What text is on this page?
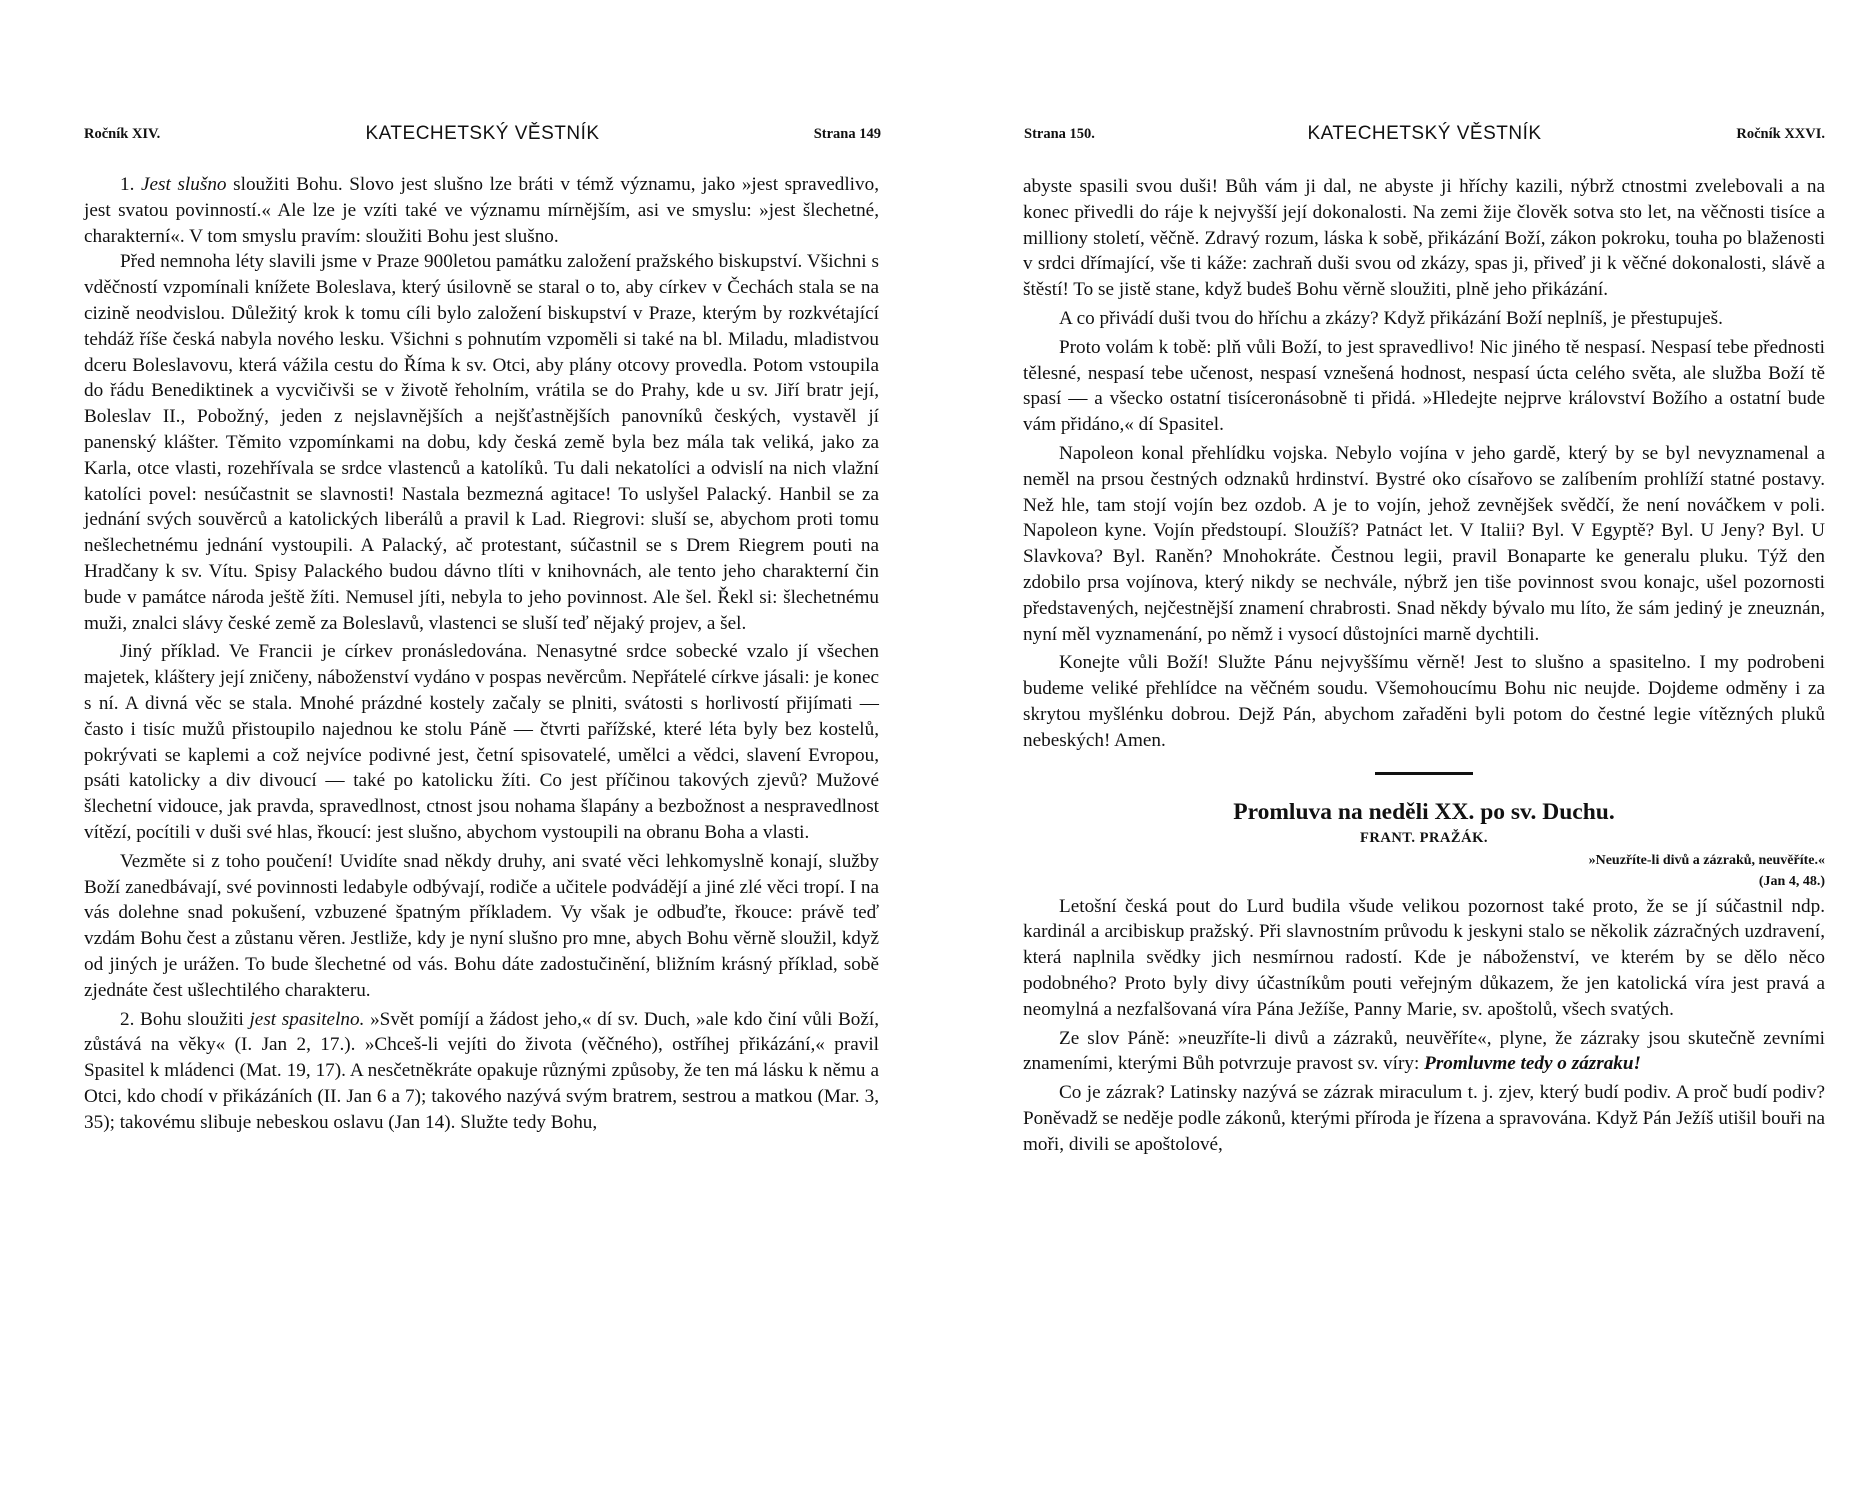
Ročník XIV.	KATECHETSKÝ VĚSTNÍK	Strana 149

1. Jest slušno sloužiti Bohu. Slovo jest slušno lze bráti v témž významu, jako »jest spravedlivo, jest svatou povinností.« Ale lze je vzíti také ve významu mírnějším, asi ve smyslu: »jest šlechetné, charakterní«. V tom smyslu pravím: sloužiti Bohu jest slušno.

Před nemnoha léty slavili jsme v Praze 900letou památku založení pražského biskupství. Všichni s vděčností vzpomínali knížete Boleslava, který úsilovně se staral o to, aby církev v Čechách stala se na cizině neodvislou. Důležitý krok k tomu cíli bylo založení biskupství v Praze, kterým by rozkvétající tehdáž říše česká nabyla nového lesku. Všichni s pohnutím vzpoměli si také na bl. Miladu, mladistvou dceru Boleslavovu, která vážila cestu do Říma k sv. Otci, aby plány otcovy provedla. Potom vstoupila do řádu Benediktinek a vycvičivši se v životě řeholním, vrátila se do Prahy, kde u sv. Jiří bratr její, Boleslav II., Pobožný, jeden z nejslavnějších a nejšťastnějších panovníků českých, vystavěl jí panenský klášter. Těmito vzpomínkami na dobu, kdy česká země byla bez mála tak veliká, jako za Karla, otce vlasti, rozehřívala se srdce vlastenců a katolíků. Tu dali nekatolíci a odvislí na nich vlažní katolíci povel: nesúčastnit se slavnosti! Nastala bezmezná agitace! To uslyšel Palacký. Hanbil se za jednání svých souvěrců a katolických liberálů a pravil k Lad. Riegrovi: sluší se, abychom proti tomu nešlechetnému jednání vystoupili. A Palacký, ač protestant, súčastnil se s Drem Riegrem pouti na Hradčany k sv. Vítu. Spisy Palackého budou dávno tlíti v knihovnách, ale tento jeho charakterní čin bude v památce národa ještě žíti. Nemusel jíti, nebyla to jeho povinnost. Ale šel. Řekl si: šlechetnému muži, znalci slávy české země za Boleslavů, vlastenci se sluší teď nějaký projev, a šel.

Jiný příklad. Ve Francii je církev pronásledována. Nenasytné srdce sobecké vzalo jí všechen majetek, kláštery její zničeny, náboženství vydáno v pospas nevěrcům. Nepřátelé církve jásali: je konec s ní. A divná věc se stala. Mnohé prázdné kostely začaly se plniti, svátosti s horlivostí přijímati — často i tisíc mužů přistoupilo najednou ke stolu Páně — čtvrti pařížské, které léta byly bez kostelů, pokrývati se kaplemi a což nejvíce podivné jest, četní spisovatelé, umělci a vědci, slavení Evropou, psáti katolicky a div divoucí — také po katolicku žíti. Co jest příčinou takových zjevů? Mužové šlechetní vidouce, jak pravda, spravedlnost, ctnost jsou nohama šlapány a bezbožnost a nespravedlnost vítězí, pocítili v duši své hlas, řkoucí: jest slušno, abychom vystoupili na obranu Boha a vlasti.

Vezměte si z toho poučení! Uvidíte snad někdy druhy, ani svaté věci lehkomyslně konají, služby Boží zanedbávají, své povinnosti ledabyle odbývají, rodiče a učitele podvádějí a jiné zlé věci tropí. I na vás dolehne snad pokušení, vzbuzené špatným příkladem. Vy však je odbuďte, řkouce: právě teď vzdám Bohu čest a zůstanu věren. Jestliže, kdy je nyní slušno pro mne, abych Bohu věrně sloužil, když od jiných je urážen. To bude šlechetné od vás. Bohu dáte zadostučinění, bližním krásný příklad, sobě zjednáte čest ušlechtilého charakteru.

2. Bohu sloužiti jest spasitelno. »Svět pomíjí a žádost jeho,« dí sv. Duch, »ale kdo činí vůli Boží, zůstává na věky« (I. Jan 2, 17.). »Chceš-li vejíti do života (věčného), ostříhej přikázání,« pravil Spasitel k mládenci (Mat. 19, 17). A nesčetněkráte opakuje různými způsoby, že ten má lásku k němu a Otci, kdo chodí v přikázáních (II. Jan 6 a 7); takového nazývá svým bratrem, sestrou a matkou (Mar. 3, 35); takovému slibuje nebeskou oslavu (Jan 14). Služte tedy Bohu,

Strana 150.	KATECHETSKÝ VĚSTNÍK	Ročník XXVI.

abyste spasili svou duši! Bůh vám ji dal, ne abyste ji hříchy kazili, nýbrž ctnostmi zvelebovali a na konec přivedli do ráje k nejvyšší její dokonalosti. Na zemi žije člověk sotva sto let, na věčnosti tisíce a milliony století, věčně. Zdravý rozum, láska k sobě, přikázání Boží, zákon pokroku, touha po blaženosti v srdci dřímající, vše ti káže: zachraň duši svou od zkázy, spas ji, přiveď ji k věčné dokonalosti, slávě a štěstí! To se jistě stane, když budeš Bohu věrně sloužiti, plně jeho přikázání.

A co přivádí duši tvou do hříchu a zkázy? Když přikázání Boží neplníš, je přestupuješ.

Proto volám k tobě: plň vůli Boží, to jest spravedlivo! Nic jiného tě nespasí. Nespasí tebe přednosti tělesné, nespasí tebe učenost, nespasí vznešená hodnost, nespasí úcta celého světa, ale služba Boží tě spasí — a všecko ostatní tisíceronásobně ti přidá. »Hledejte nejprve království Božího a ostatní bude vám přidáno,« dí Spasitel.

Napoleon konal přehlídku vojska. Nebylo vojína v jeho gardě, který by se byl nevyznamenal a neměl na prsou čestných odznaků hrdinství. Bystré oko císařovo se zalíbením prohlíží statné postavy. Než hle, tam stojí vojín bez ozdob. A je to vojín, jehož zevnějšek svědčí, že není nováčkem v poli. Napoleon kyne. Vojín předstoupí. Sloužíš? Patnáct let. V Italii? Byl. V Egyptě? Byl. U Jeny? Byl. U Slavkova? Byl. Raněn? Mnohokráte. Čestnou legii, pravil Bonaparte ke generalu pluku. Týž den zdobilo prsa vojínova, který nikdy se nechvále, nýbrž jen tiše povinnost svou konajc, ušel pozornosti představených, nejčestnější znamení chrabrosti. Snad někdy bývalo mu líto, že sám jediný je zneuznán, nyní měl vyznamenání, po němž i vysocí důstojníci marně dychtili.

Konejte vůli Boží! Služte Pánu nejvyššímu věrně! Jest to slušno a spasitelno. I my podrobeni budeme veliké přehlídce na věčném soudu. Všemohoucímu Bohu nic neujde. Dojdeme odměny i za skrytou myšlénku dobrou. Dejž Pán, abychom zařaděni byli potom do čestné legie vítězných pluků nebeských! Amen.

Promluva na neděli XX. po sv. Duchu.

FRANT. PRAŽÁK.

»Neuzříte-li divů a zázraků, neuvěříte.«

(Jan 4, 48.)

Letošní česká pout do Lurd budila všude velikou pozornost také proto, že se jí súčastnil ndp. kardinál a arcibiskup pražský. Při slavnostním průvodu k jeskyni stalo se několik zázračných uzdravení, která naplnila svědky jich nesmírnou radostí. Kde je náboženství, ve kterém by se dělo něco podobného? Proto byly divy účastníkům pouti veřejným důkazem, že jen katolická víra jest pravá a neomylná a nezfalšovaná víra Pána Ježíše, Panny Marie, sv. apoštolů, všech svatých.

Ze slov Páně: »neuzříte-li divů a zázraků, neuvěříte«, plyne, že zázraky jsou skutečně zevními znameními, kterými Bůh potvrzuje pravost sv. víry: Promluvme tedy o zázraku!

Co je zázrak? Latinsky nazývá se zázrak miraculum t. j. zjev, který budí podiv. A proč budí podiv? Poněvadž se neděje podle zákonů, kterými příroda je řízena a spravována. Když Pán Ježíš utišil bouři na moři, divili se apoštolové,
